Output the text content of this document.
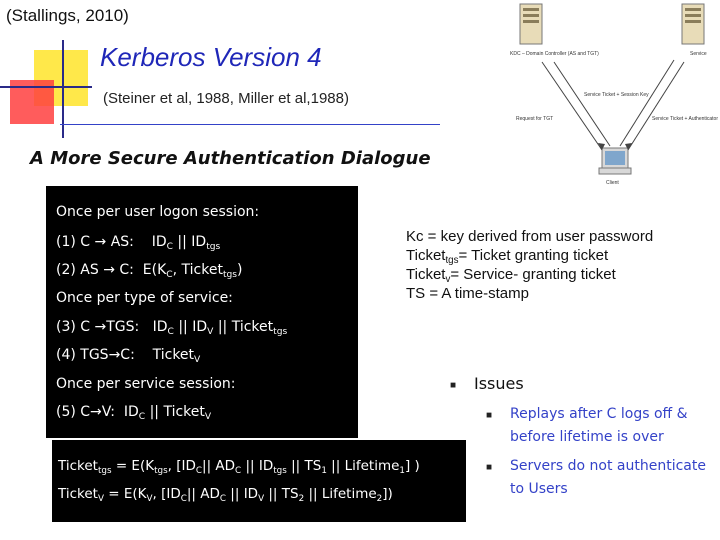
(Stallings, 2010)
Kerberos Version 4
(Steiner et al, 1988, Miller et al,1988)
A More Secure Authentication Dialogue
KDC – Domain Controller (AS and TGT)	Service
Service Ticket + Session Key
Request for TGT	Service Ticket + Authenticator
Client
Once per user logon session:
(1) C → AS: $ID_C$ || $ID_{tgs}$
(2) AS → C: $E(K_C$, Ticket$_{tgs}$)
Once per type of service:
(3) C →TGS: $ID_C$ || $ID_V$ || Ticket$_{tgs}$
(4) TGS→C: Ticket$_V$
Once per service session:
(5) C→V: $ID_C$ || Ticket$_V$
Ticket$_{tgs}$ = $E(K_{tgs}$, [$ID_C||$ $AD_C$ || $ID_{tgs}$ || $TS_1$ || Lifetime$_1$] )
Ticket$_V$ = $E(K_V$, [$ID_C||$ $AD_C$ || $ID_V$ || $TS_2$ || Lifetime$_2$])
Kc = key derived from user password
Ticket$_{tgs}$= Ticket granting ticket
Ticket$_v$= Service- granting ticket
TS = A time-stamp
■ Issues
■ Replays after C logs off & before lifetime is over
■ Servers do not authenticate to Users
